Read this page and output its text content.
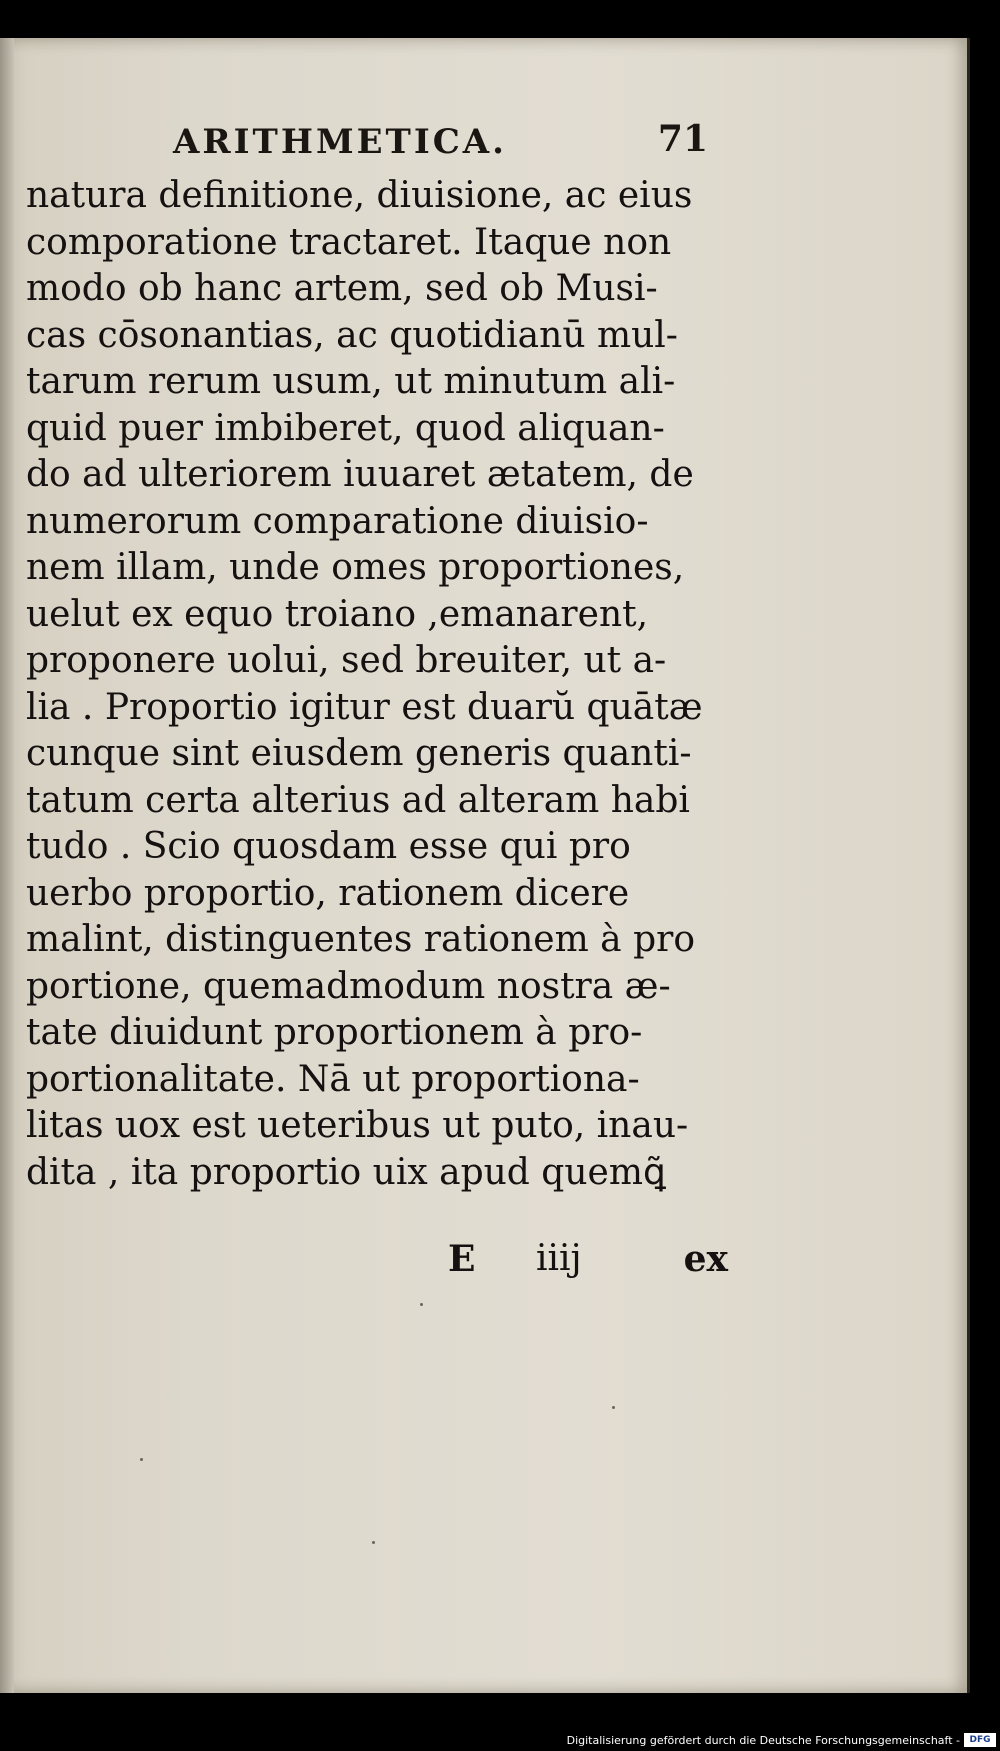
ARITHMETICA.	71
natura definitione, diuisione, ac eius
comporatione tractaret. Itaque non
modo ob hanc artem, sed ob Musi-
cas cōsonantias, ac quotidianū mul-
tarum rerum usum, ut minutum ali-
quid puer imbiberet, quod aliquan-
do ad ulteriorem iuuaret ætatem, de
numerorum comparatione diuisio-
nem illam, unde omes proportiones,
uelut ex equo troiano ,emanarent,
proponere uolui, sed breuiter, ut a-
lia . Proportio igitur est duarŭ quātæ
cunque sint eiusdem generis quanti-
tatum certa alterius ad alteram habi
tudo . Scio quosdam esse qui pro
uerbo proportio, rationem dicere
malint, distinguentes rationem à pro
portione, quemadmodum nostra æ-
tate diuidunt proportionem à pro-
portionalitate. Nā ut proportiona-
litas uox est ueteribus ut puto, inau-
dita , ita proportio uix apud quemꝗ̃
E iiij	ex
Digitalisierung gefördert durch die Deutsche Forschungsgemeinschaft -	DFG
